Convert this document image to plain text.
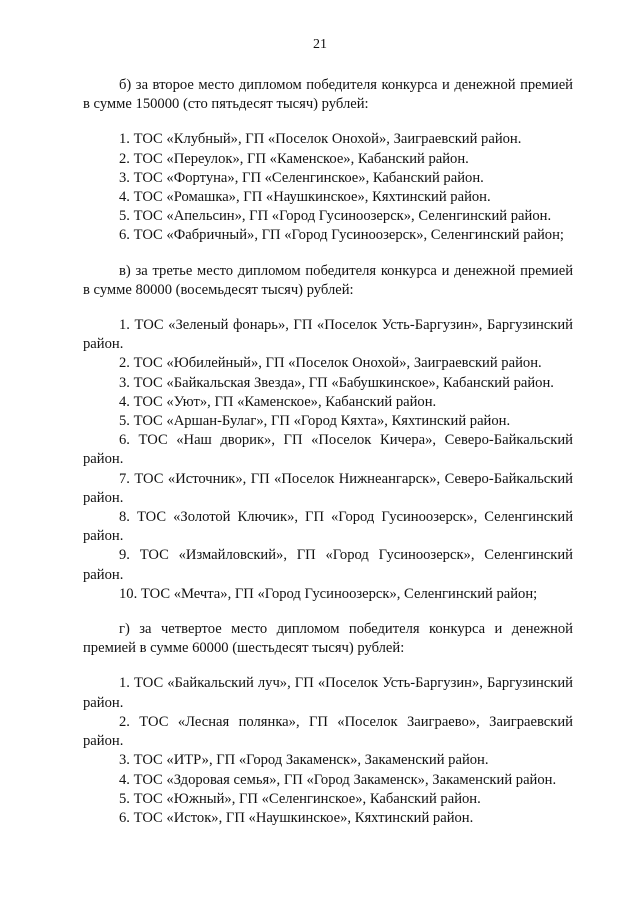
21

б) за второе место дипломом победителя конкурса и денежной премией в сумме 150000 (сто пятьдесят тысяч) рублей:

1. ТОС «Клубный», ГП «Поселок Онохой», Заиграевский район.

2. ТОС «Переулок», ГП «Каменское», Кабанский район.

3. ТОС «Фортуна», ГП «Селенгинское», Кабанский район.

4. ТОС «Ромашка», ГП «Наушкинское», Кяхтинский район.

5. ТОС «Апельсин», ГП «Город Гусиноозерск», Селенгинский район.

6. ТОС «Фабричный», ГП «Город Гусиноозерск», Селенгинский район;

в) за третье место дипломом победителя конкурса и денежной премией в сумме 80000 (восемьдесят тысяч) рублей:

1. ТОС «Зеленый фонарь», ГП «Поселок Усть-Баргузин», Баргузинский район.

2. ТОС «Юбилейный», ГП «Поселок Онохой», Заиграевский район.

3. ТОС «Байкальская Звезда», ГП «Бабушкинское», Кабанский район.

4. ТОС «Уют», ГП «Каменское», Кабанский район.

5. ТОС «Аршан-Булаг», ГП «Город Кяхта», Кяхтинский район.

6. ТОС «Наш дворик», ГП «Поселок Кичера», Северо-Байкальский район.

7. ТОС «Источник», ГП «Поселок Нижнеангарск», Северо-Байкальский район.

8. ТОС «Золотой Ключик», ГП «Город Гусиноозерск», Селенгинский район.

9. ТОС «Измайловский», ГП «Город Гусиноозерск», Селенгинский район.

10. ТОС «Мечта», ГП «Город Гусиноозерск», Селенгинский район;

г) за четвертое место дипломом победителя конкурса и денежной премией в сумме 60000 (шестьдесят тысяч) рублей:

1. ТОС «Байкальский луч», ГП «Поселок Усть-Баргузин», Баргузинский район.

2. ТОС «Лесная полянка», ГП «Поселок Заиграево», Заиграевский район.

3. ТОС «ИТР», ГП «Город Закаменск», Закаменский район.

4. ТОС «Здоровая семья», ГП «Город Закаменск», Закаменский район.

5. ТОС «Южный», ГП «Селенгинское», Кабанский район.

6. ТОС «Исток», ГП «Наушкинское», Кяхтинский район.
